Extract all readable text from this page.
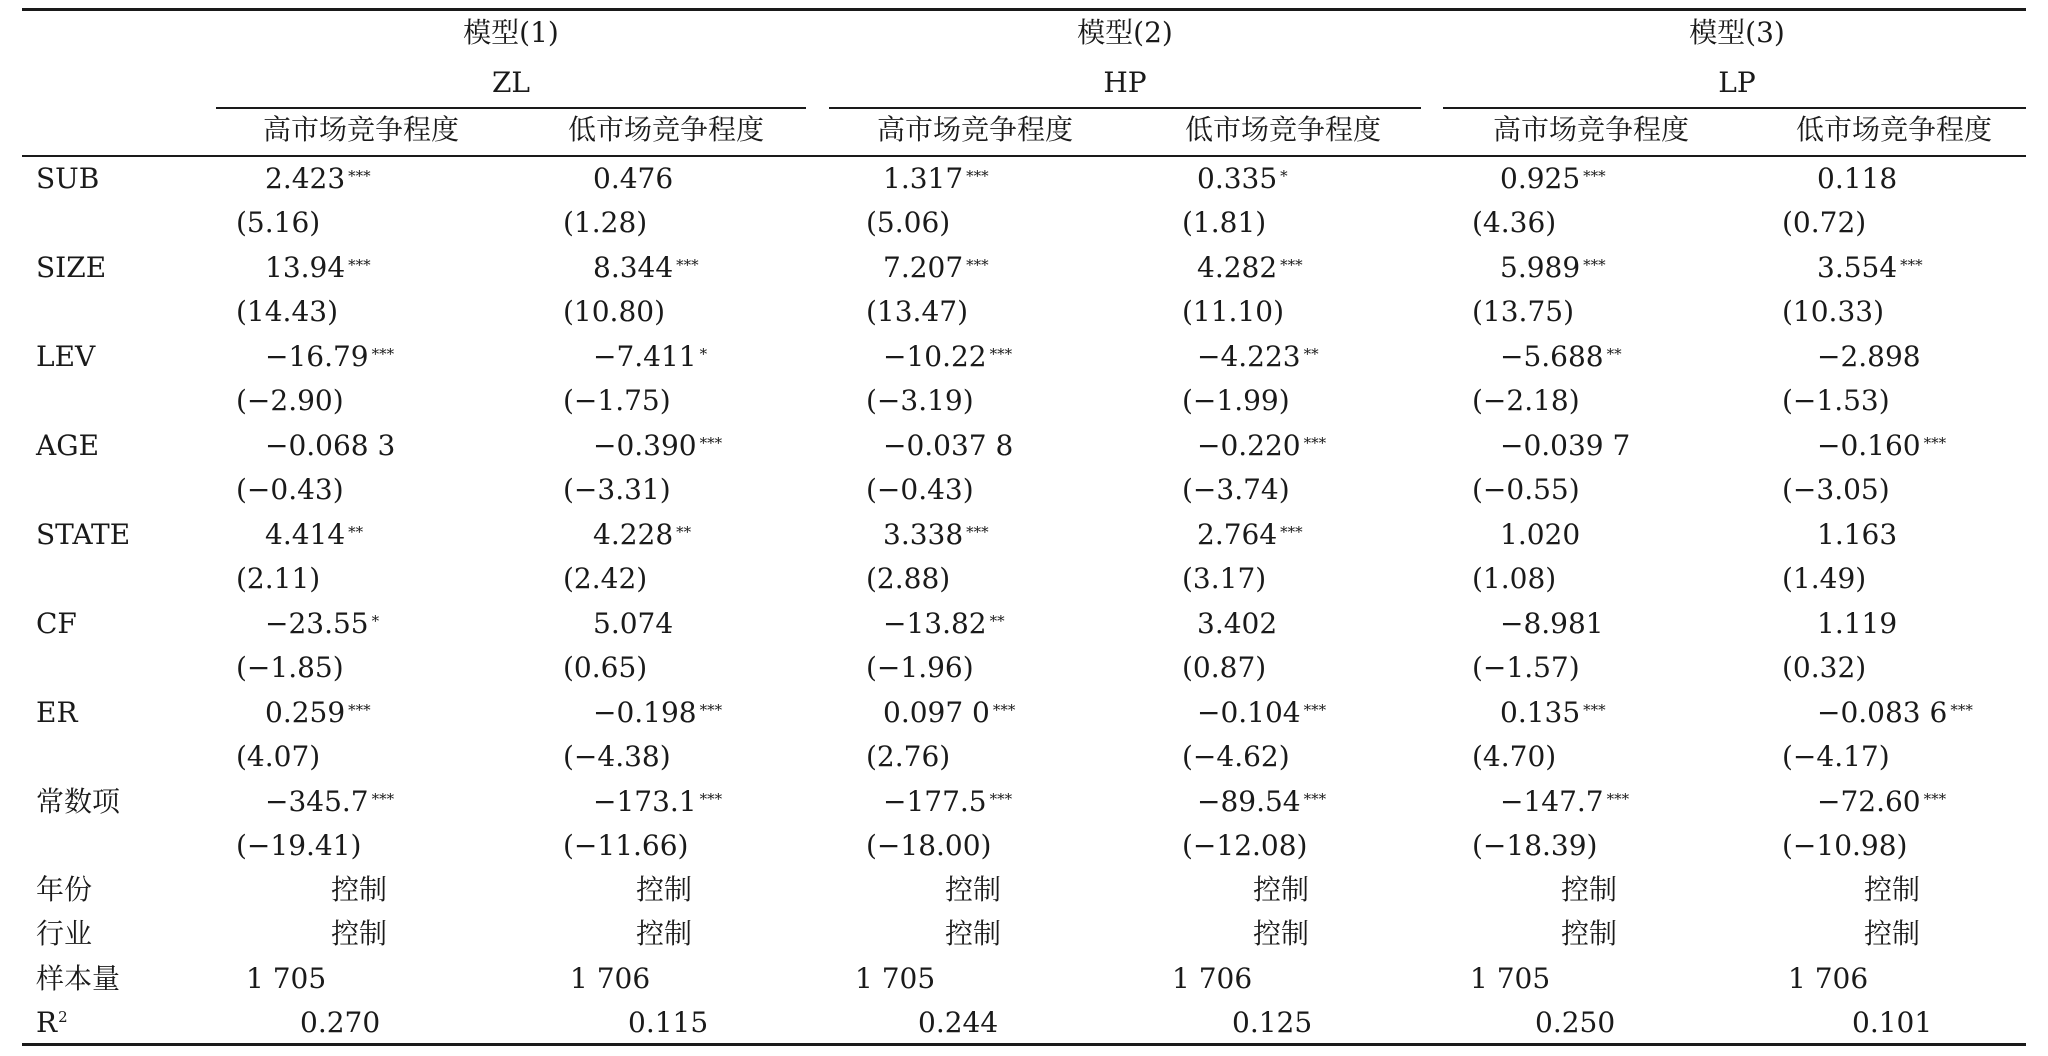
模型(1)
ZL
模型(2)
HP
模型(3)
LP
高市场竞争程度	低市场竞争程度	高市场竞争程度	低市场竞争程度	高市场竞争程度	低市场竞争程度
SUB	2.423 ***	0.476	1.317 ***	0.335 *	0.925 ***	0.118
(5.16)	(1.28)	(5.06)	(1.81)	(4.36)	(0.72)
SIZE	13.94 ***	8.344 ***	7.207 ***	4.282 ***	5.989 ***	3.554 ***
(14.43)	(10.80)	(13.47)	(11.10)	(13.75)	(10.33)
LEV	−16.79 ***	−7.411 *	−10.22 ***	−4.223 **	−5.688 **	−2.898
(−2.90)	(−1.75)	(−3.19)	(−1.99)	(−2.18)	(−1.53)
AGE	−0.068 3	−0.390 ***	−0.037 8	−0.220 ***	−0.039 7	−0.160 ***
(−0.43)	(−3.31)	(−0.43)	(−3.74)	(−0.55)	(−3.05)
STATE	4.414 **	4.228 **	3.338 ***	2.764 ***	1.020	1.163
(2.11)	(2.42)	(2.88)	(3.17)	(1.08)	(1.49)
CF	−23.55 *	5.074	−13.82 **	3.402	−8.981	1.119
(−1.85)	(0.65)	(−1.96)	(0.87)	(−1.57)	(0.32)
ER	0.259 ***	−0.198 ***	0.097 0 ***	−0.104 ***	0.135 ***	−0.083 6 ***
(4.07)	(−4.38)	(2.76)	(−4.62)	(4.70)	(−4.17)
常数项	−345.7 ***	−173.1 ***	−177.5 ***	−89.54 ***	−147.7 ***	−72.60 ***
(−19.41)	(−11.66)	(−18.00)	(−12.08)	(−18.39)	(−10.98)
年份	控制	控制	控制	控制	控制	控制
行业	控制	控制	控制	控制	控制	控制
样本量	1 705	1 706	1 705	1 706	1 705	1 706
$R^2$	0.270	0.115	0.244	0.125	0.250	0.101
